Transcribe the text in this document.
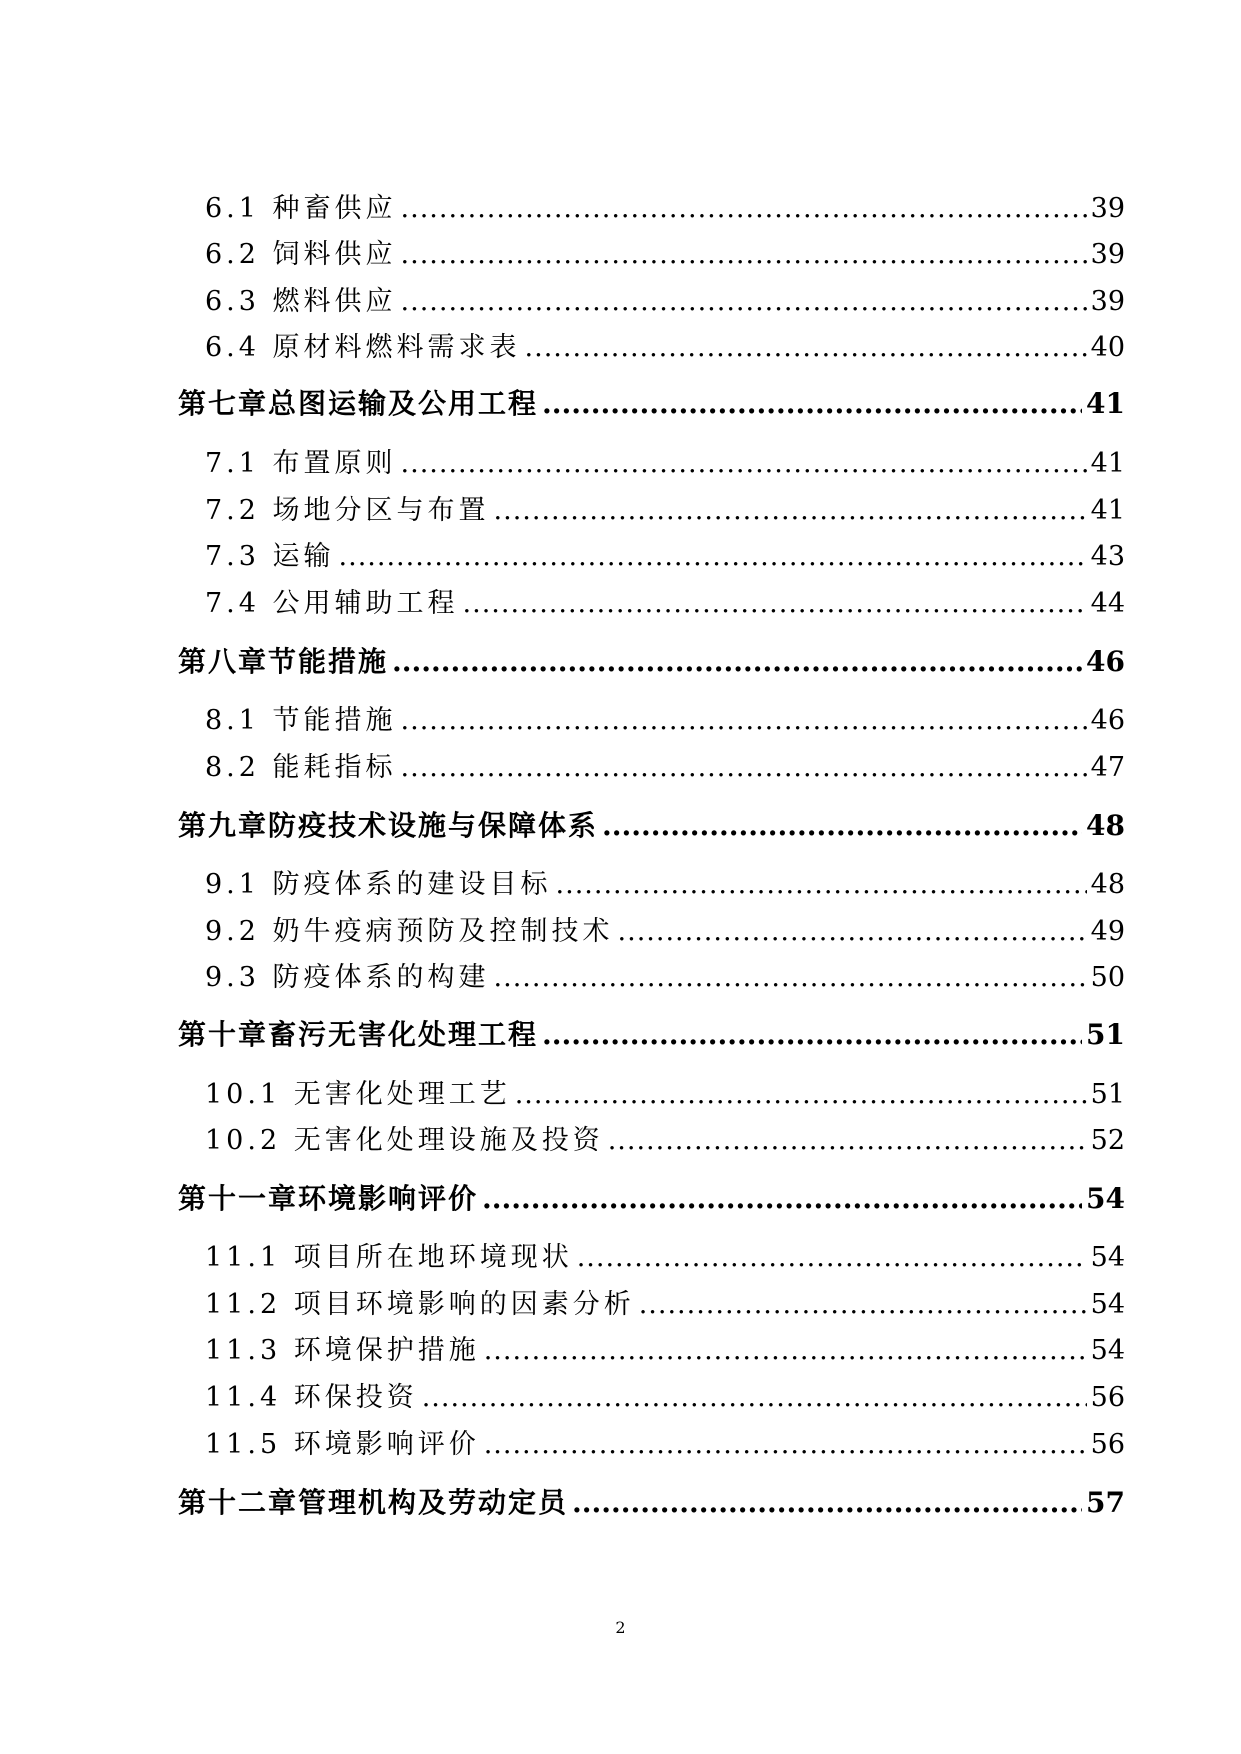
6.1 种畜供应 .....	39
6.2 饲料供应 .....	39
6.3 燃料供应 .....	39
6.4 原材料燃料需求表 .....	40
第七章总图运输及公用工程 .....	41
7.1 布置原则 .....	41
7.2 场地分区与布置 .....	41
7.3 运输 .....	43
7.4 公用辅助工程 .....	44
第八章节能措施 .....	46
8.1 节能措施 .....	46
8.2 能耗指标 .....	47
第九章防疫技术设施与保障体系 .....	48
9.1 防疫体系的建设目标 .....	48
9.2 奶牛疫病预防及控制技术 .....	49
9.3 防疫体系的构建 .....	50
第十章畜污无害化处理工程 .....	51
10.1 无害化处理工艺 .....	51
10.2 无害化处理设施及投资 .....	52
第十一章环境影响评价 .....	54
11.1 项目所在地环境现状 .....	54
11.2 项目环境影响的因素分析 .....	54
11.3 环境保护措施 .....	54
11.4 环保投资 .....	56
11.5 环境影响评价 .....	56
第十二章管理机构及劳动定员 .....	57
2
